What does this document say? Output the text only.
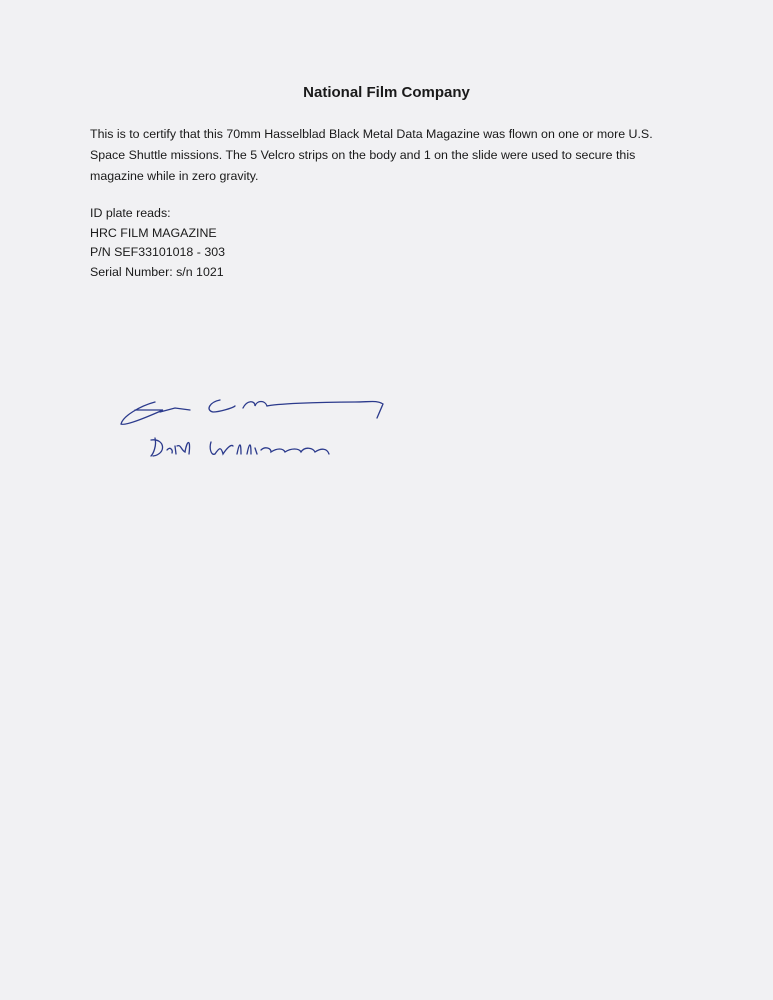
National Film Company
This is to certify that this 70mm Hasselblad Black Metal Data Magazine was flown on one or more U.S.
Space Shuttle missions. The 5 Velcro strips on the body and 1 on the slide were used to secure this
magazine while in zero gravity.
ID plate reads:
HRC FILM MAGAZINE
P/N SEF33101018 - 303
Serial Number: s/n 1021
